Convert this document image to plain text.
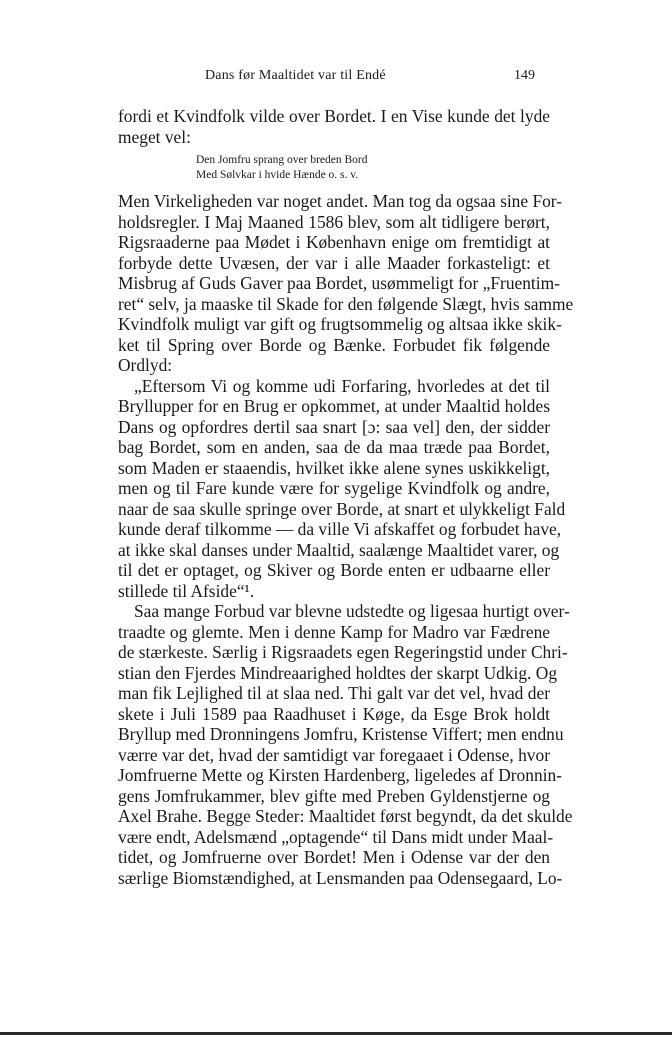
Dans før Maaltidet var til Endé	149
fordi et Kvindfolk vilde over Bordet. I en Vise kunde det lyde
meget vel:
Den Jomfru sprang over breden Bord
Med Sølvkar i hvide Hænde o. s. v.
Men Virkeligheden var noget andet. Man tog da ogsaa sine For-
holdsregler. I Maj Maaned 1586 blev, som alt tidligere berørt,
Rigsraaderne paa Mødet i København enige om fremtidigt at
forbyde dette Uvæsen, der var i alle Maader forkasteligt: et
Misbrug af Guds Gaver paa Bordet, usømmeligt for „Fruentim-
ret“ selv, ja maaske til Skade for den følgende Slægt, hvis samme
Kvindfolk muligt var gift og frugtsommelig og altsaa ikke skik-
ket til Spring over Borde og Bænke. Forbudet fik følgende
Ordlyd:
„Eftersom Vi og komme udi Forfaring, hvorledes at det til
Bryllupper for en Brug er opkommet, at under Maaltid holdes
Dans og opfordres dertil saa snart [ɔ: saa vel] den, der sidder
bag Bordet, som en anden, saa de da maa træde paa Bordet,
som Maden er staaendis, hvilket ikke alene synes uskikkeligt,
men og til Fare kunde være for sygelige Kvindfolk og andre,
naar de saa skulle springe over Borde, at snart et ulykkeligt Fald
kunde deraf tilkomme — da ville Vi afskaffet og forbudet have,
at ikke skal danses under Maaltid, saalænge Maaltidet varer, og
til det er optaget, og Skiver og Borde enten er udbaarne eller
stillede til Afside“¹.
Saa mange Forbud var blevne udstedte og ligesaa hurtigt over-
traadte og glemte. Men i denne Kamp for Madro var Fædrene
de stærkeste. Særlig i Rigsraadets egen Regeringstid under Chri-
stian den Fjerdes Mindreaarighed holdtes der skarpt Udkig. Og
man fik Lejlighed til at slaa ned. Thi galt var det vel, hvad der
skete i Juli 1589 paa Raadhuset i Køge, da Esge Brok holdt
Bryllup med Dronningens Jomfru, Kristense Viffert; men endnu
værre var det, hvad der samtidigt var foregaaet i Odense, hvor
Jomfruerne Mette og Kirsten Hardenberg, ligeledes af Dronnin-
gens Jomfrukammer, blev gifte med Preben Gyldenstjerne og
Axel Brahe. Begge Steder: Maaltidet først begyndt, da det skulde
være endt, Adelsmænd „optagende“ til Dans midt under Maal-
tidet, og Jomfruerne over Bordet! Men i Odense var der den
særlige Biomstændighed, at Lensmanden paa Odensegaard, Lo-
